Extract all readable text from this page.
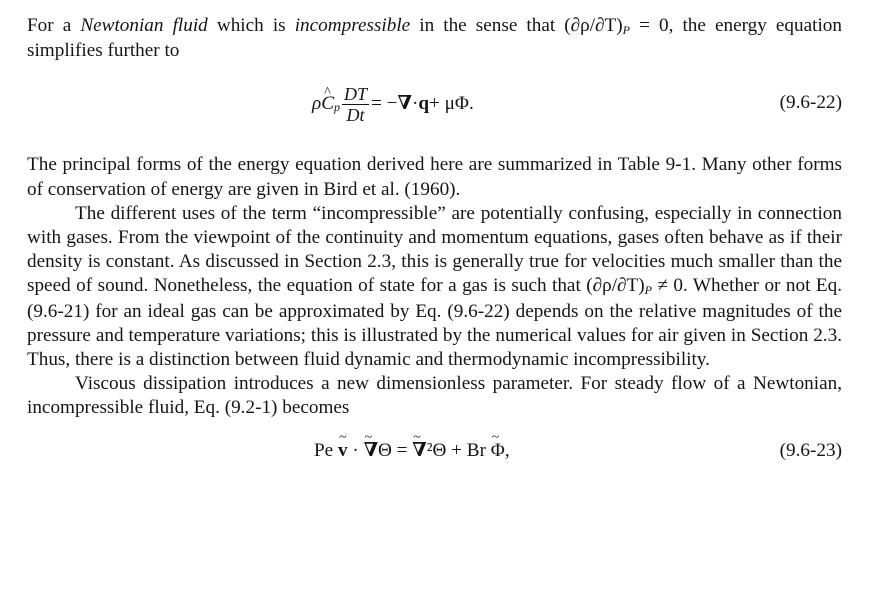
For a Newtonian fluid which is incompressible in the sense that $(\partial\rho/\partial T)_P = 0$, the energy equation simplifies further to

ρ
^ $C_p \frac{DT}{Dt}$ = − ∇ · q + μΦ.	(9.6-22)

The principal forms of the energy equation derived here are summarized in Table 9-1. Many other forms of conservation of energy are given in Bird et al. (1960).

The different uses of the term “incompressible” are potentially confusing, especially in connection with gases. From the viewpoint of the continuity and momentum equations, gases often behave as if their density is constant. As discussed in Section 2.3, this is generally true for velocities much smaller than the speed of sound. Nonetheless, the equation of state for a gas is such that $(\partial\rho/\partial T)_P \ne 0$. Whether or not Eq. (9.6-21) for an ideal gas can be approximated by Eq. (9.6-22) depends on the relative magnitudes of the pressure and temperature variations; this is illustrated by the numerical values for air given in Section 2.3. Thus, there is a distinction between fluid dynamic and thermodynamic incompressibility.

Viscous dissipation introduces a new dimensionless parameter. For steady flow of a Newtonian, incompressible fluid, Eq. (9.2-1) becomes

Pe ~ v · ~ ∇Θ = ~ ∇²Θ + Br ~ Φ,	(9.6-23)
